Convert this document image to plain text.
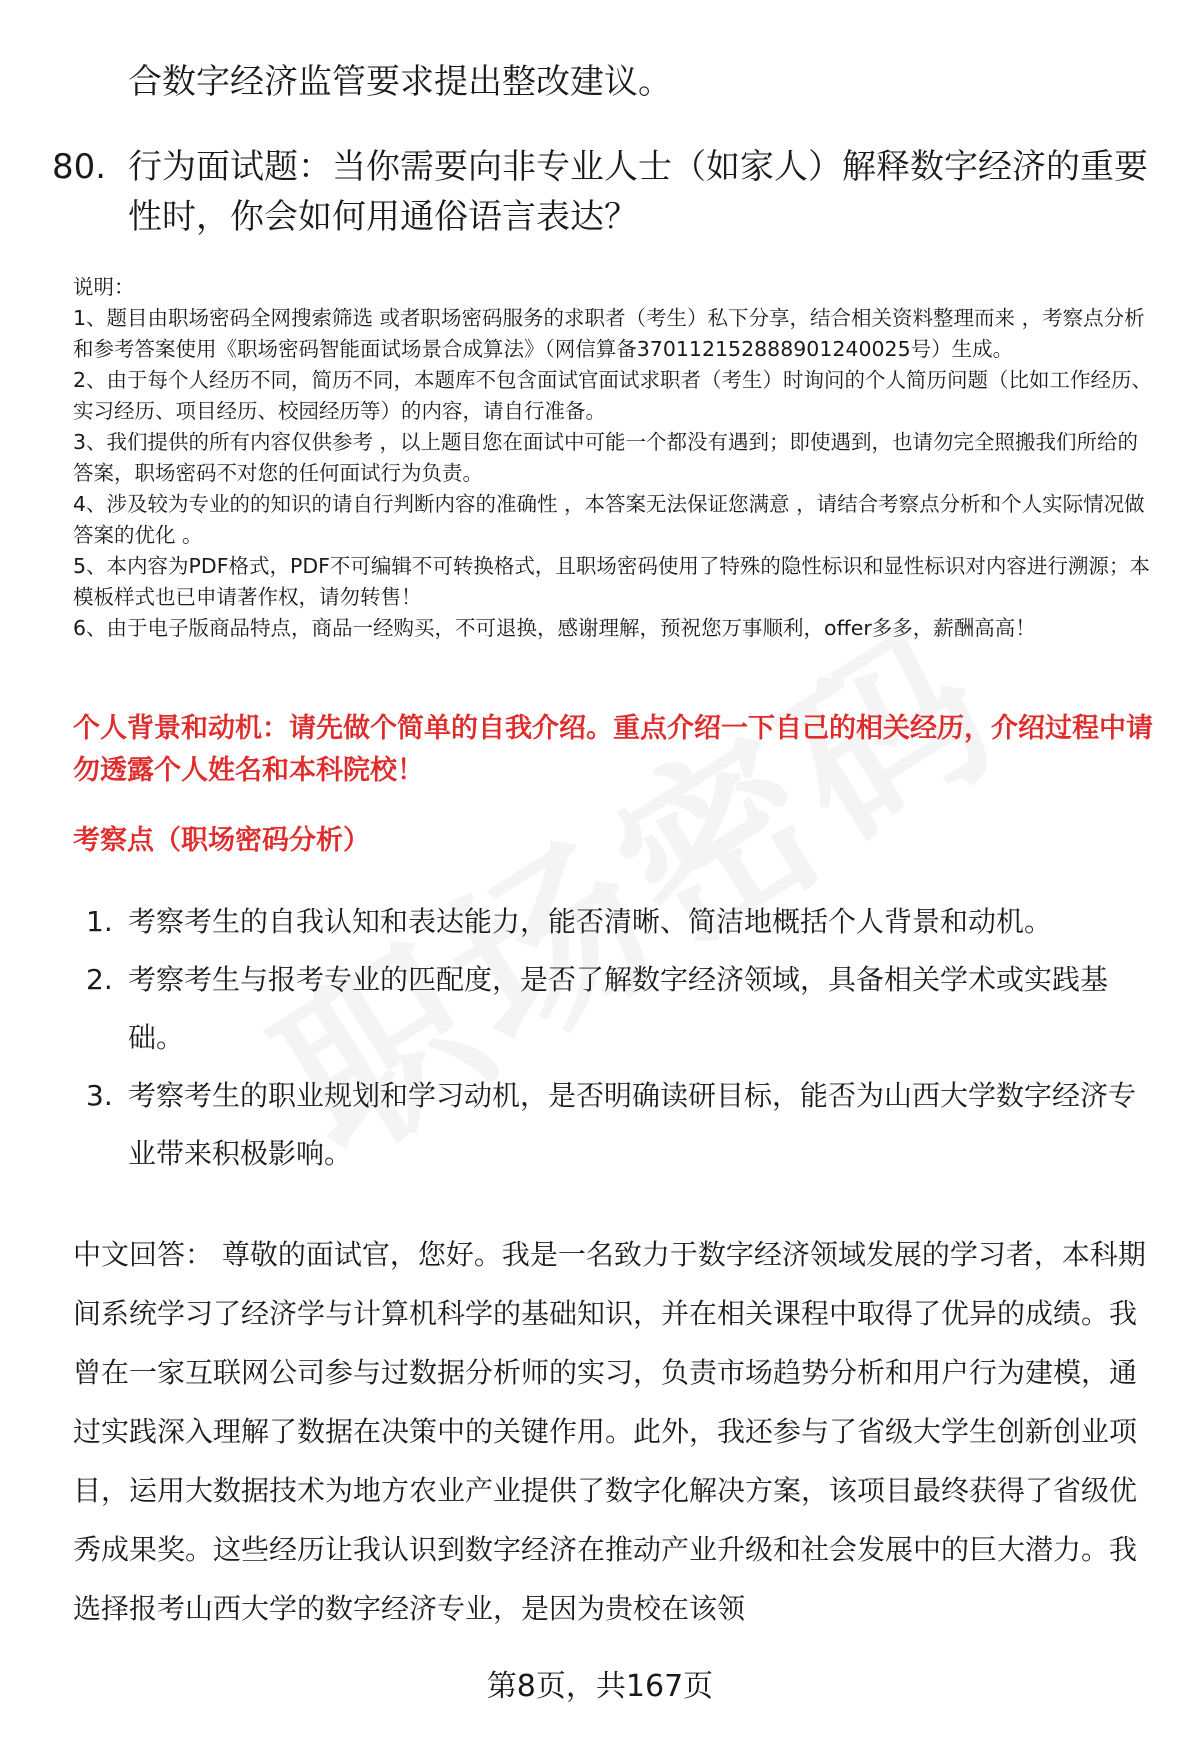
合数字经济监管要求提出整改建议。
80. 行为面试题：当你需要向非专业人士（如家人）解释数字经济的重要性时，你会如何用通俗语言表达？

说明：

1、题目由职场密码全网搜索筛选 或者职场密码服务的求职者（考生）私下分享，结合相关资料整理而来 ，考察点分析和参考答案使用《职场密码智能面试场景合成算法》（网信算备370112152888901240025号）生成。

2、由于每个人经历不同，简历不同，本题库不包含面试官面试求职者（考生）时询问的个人简历问题（比如工作经历、实习经历、项目经历、校园经历等）的内容，请自行准备。

3、我们提供的所有内容仅供参考 ，以上题目您在面试中可能一个都没有遇到；即使遇到，也请勿完全照搬我们所给的答案，职场密码不对您的任何面试行为负责。

4、涉及较为专业的的知识的请自行判断内容的准确性 ，本答案无法保证您满意 ，请结合考察点分析和个人实际情况做答案的优化 。

5、本内容为PDF格式，PDF不可编辑不可转换格式，且职场密码使用了特殊的隐性标识和显性标识对内容进行溯源；本模板样式也已申请著作权，请勿转售！

6、由于电子版商品特点，商品一经购买，不可退换，感谢理解，预祝您万事顺利，offer多多，薪酬高高！

个人背景和动机：请先做个简单的自我介绍。重点介绍一下自己的相关经历，介绍过程中请勿透露个人姓名和本科院校！
考察点（职场密码分析）
1. 考察考生的自我认知和表达能力，能否清晰、简洁地概括个人背景和动机。
2. 考察考生与报考专业的匹配度，是否了解数字经济领域，具备相关学术或实践基础。
3. 考察考生的职业规划和学习动机，是否明确读研目标，能否为山西大学数字经济专业带来积极影响。
中文回答： 尊敬的面试官，您好。我是一名致力于数字经济领域发展的学习者，本科期间系统学习了经济学与计算机科学的基础知识，并在相关课程中取得了优异的成绩。我曾在一家互联网公司参与过数据分析师的实习，负责市场趋势分析和用户行为建模，通过实践深入理解了数据在决策中的关键作用。此外，我还参与了省级大学生创新创业项目，运用大数据技术为地方农业产业提供了数字化解决方案，该项目最终获得了省级优秀成果奖。这些经历让我认识到数字经济在推动产业升级和社会发展中的巨大潜力。我选择报考山西大学的数字经济专业，是因为贵校在该领
第8页，共167页
